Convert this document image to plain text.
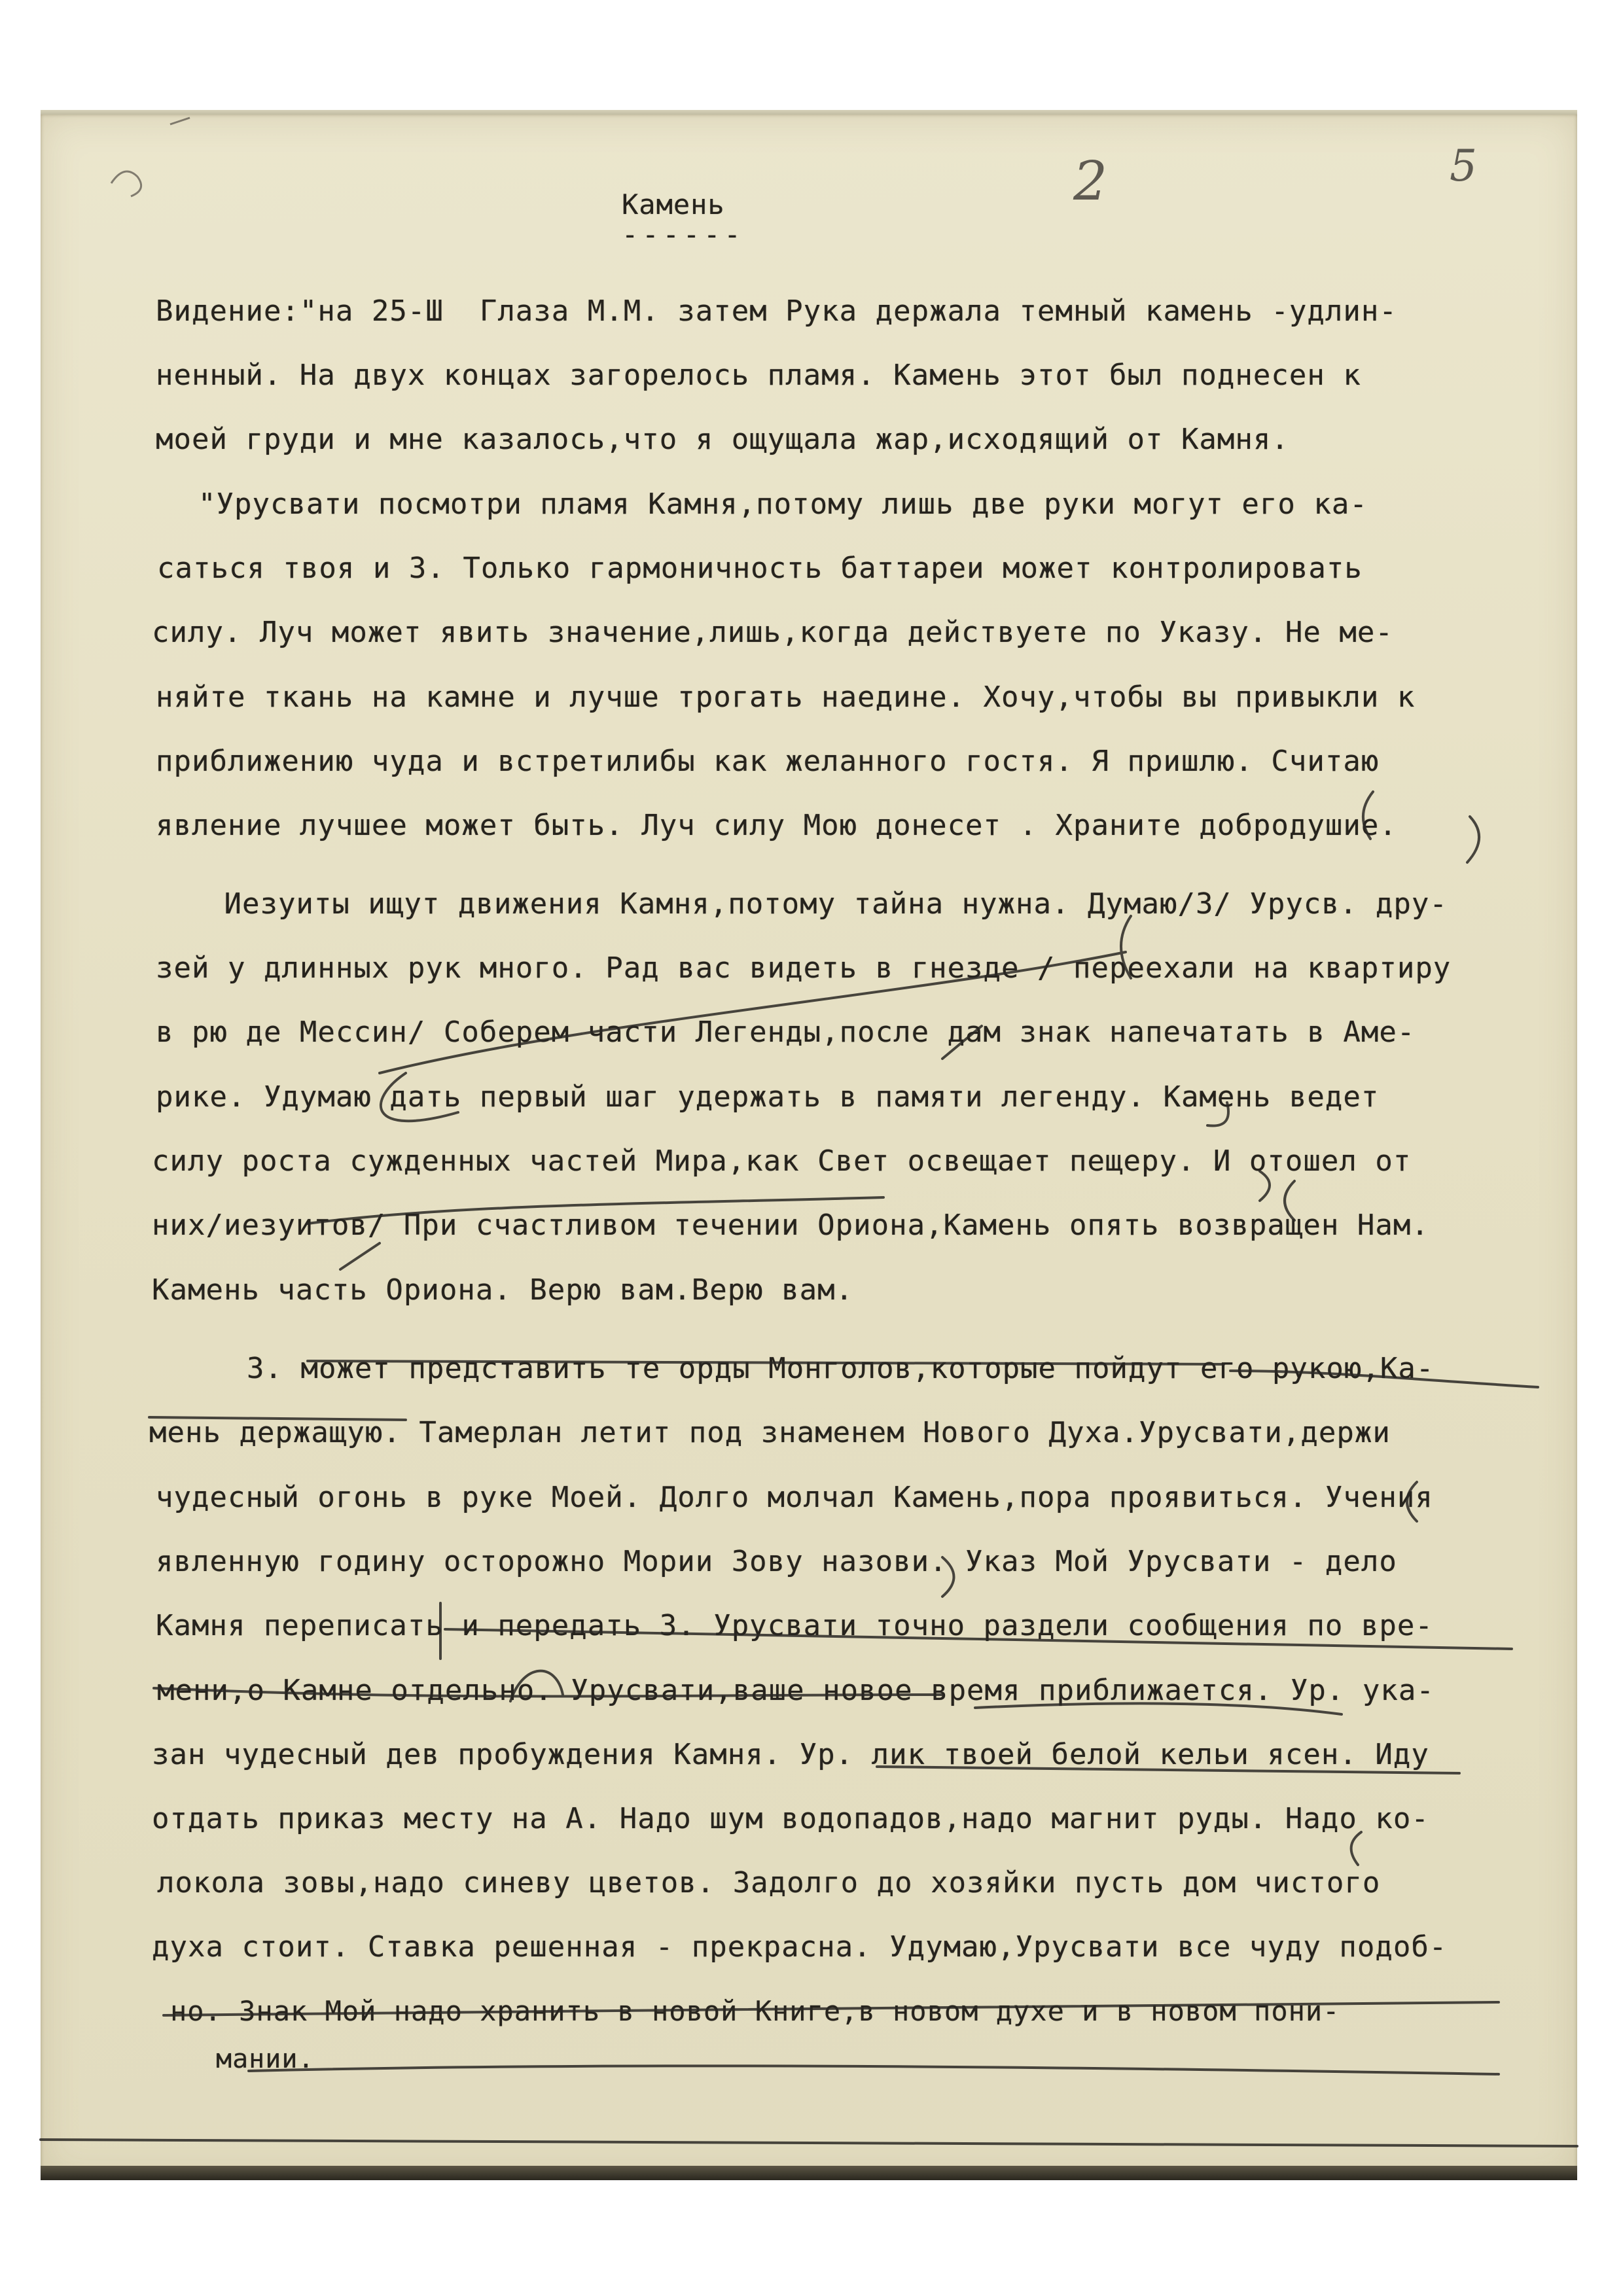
2	5
Камень
------
Видение:"на 25-Ш  Глаза М.М. затем Рука держала темный камень -удлин-
ненный. На двух концах загорелось пламя. Камень этот был поднесен к
моей груди и мне казалось,что я ощущала жар,исходящий от Камня.
"Урусвати посмотри пламя Камня,потому лишь две руки могут его ка-
саться твоя и З. Только гармоничность баттареи может контролировать
силу. Луч может явить значение,лишь,когда действуете по Указу. Не ме-
няйте ткань на камне и лучше трогать наедине. Хочу,чтобы вы привыкли к
приближению чуда и встретилибы как желанного гостя. Я пришлю. Считаю
явление лучшее может быть. Луч силу Мою донесет . Храните добродушие.
Иезуиты ищут движения Камня,потому тайна нужна. Думаю/З/ Урусв. дру-
зей у длинных рук много. Рад вас видеть в гнезде / переехали на квартиру
в рю де Мессин/ Соберем части Легенды,после дам знак напечатать в Аме-
рике. Удумаю дать первый шаг удержать в памяти легенду. Камень ведет
силу роста сужденных частей Мира,как Свет освещает пещеру. И отошел от
них/иезуитов/ При счастливом течении Ориона,Камень опять возвращен Нам.
Камень часть Ориона. Верю вам.Верю вам.
З. может представить те орды Монголов,которые пойдут его рукою,Ка-
мень держащую. Тамерлан летит под знаменем Нового Духа.Урусвати,держи
чудесный огонь в руке Моей. Долго молчал Камень,пора проявиться. Учения
явленную годину осторожно Мории Зову назови. Указ Мой Урусвати - дело
Камня переписать и передать З. Урусвати точно раздели сообщения по вре-
мени,о Камне отдельно. Урусвати,ваше новое время приближается. Ур. ука-
зан чудесный дев пробуждения Камня. Ур. лик твоей белой кельи ясен. Иду
отдать приказ месту на А. Надо шум водопадов,надо магнит руды. Надо ко-
локола зовы,надо синеву цветов. Задолго до хозяйки пусть дом чистого
духа стоит. Ставка решенная - прекрасна. Удумаю,Урусвати все чуду подоб-
но. Знак Мой надо хранить в новой Книге,в новом духе и в новом пони-
мании.
